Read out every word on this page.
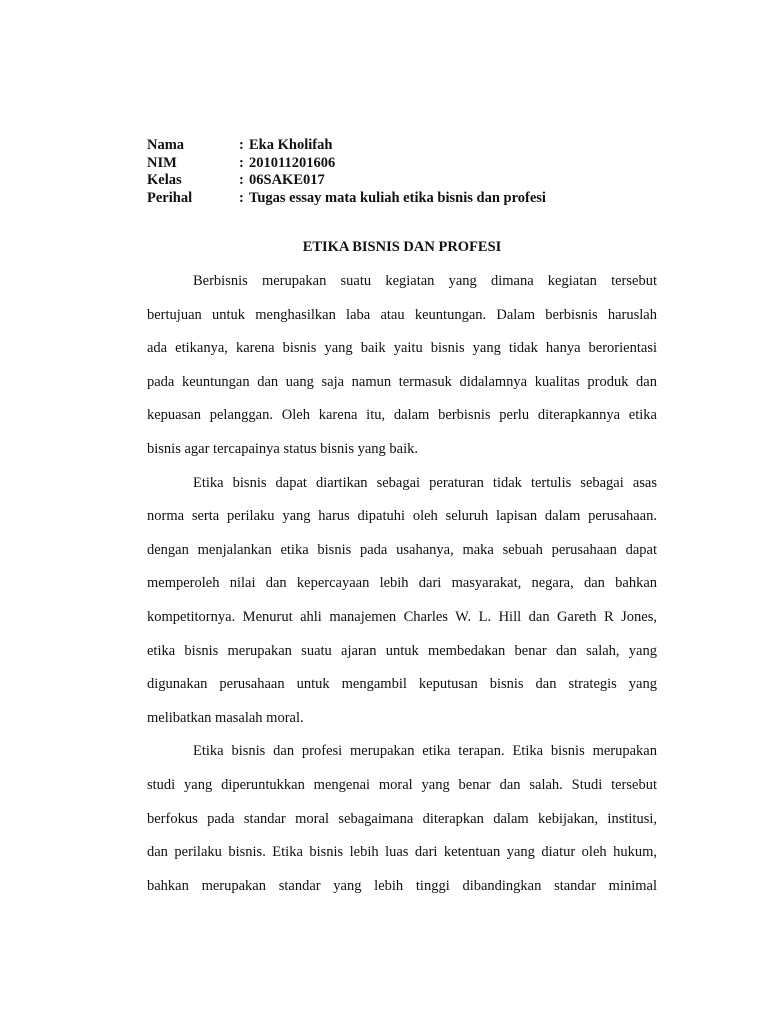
Nama	: Eka Kholifah
NIM	: 201011201606
Kelas	: 06SAKE017
Perihal	: Tugas essay mata kuliah etika bisnis dan profesi
ETIKA BISNIS DAN PROFESI
Berbisnis merupakan suatu kegiatan yang dimana kegiatan tersebut
bertujuan untuk menghasilkan laba atau keuntungan. Dalam berbisnis haruslah
ada etikanya, karena bisnis yang baik yaitu bisnis yang tidak hanya berorientasi
pada keuntungan dan uang saja namun termasuk didalamnya kualitas produk dan
kepuasan pelanggan. Oleh karena itu, dalam berbisnis perlu diterapkannya etika
bisnis agar tercapainya status bisnis yang baik.
Etika bisnis dapat diartikan sebagai peraturan tidak tertulis sebagai asas
norma serta perilaku yang harus dipatuhi oleh seluruh lapisan dalam perusahaan.
dengan menjalankan etika bisnis pada usahanya, maka sebuah perusahaan dapat
memperoleh nilai dan kepercayaan lebih dari masyarakat, negara, dan bahkan
kompetitornya. Menurut ahli manajemen Charles W. L. Hill dan Gareth R Jones,
etika bisnis merupakan suatu ajaran untuk membedakan benar dan salah, yang
digunakan perusahaan untuk mengambil keputusan bisnis dan strategis yang
melibatkan masalah moral.
Etika bisnis dan profesi merupakan etika terapan. Etika bisnis merupakan
studi yang diperuntukkan mengenai moral yang benar dan salah. Studi tersebut
berfokus pada standar moral sebagaimana diterapkan dalam kebijakan, institusi,
dan perilaku bisnis. Etika bisnis lebih luas dari ketentuan yang diatur oleh hukum,
bahkan merupakan standar yang lebih tinggi dibandingkan standar minimal
